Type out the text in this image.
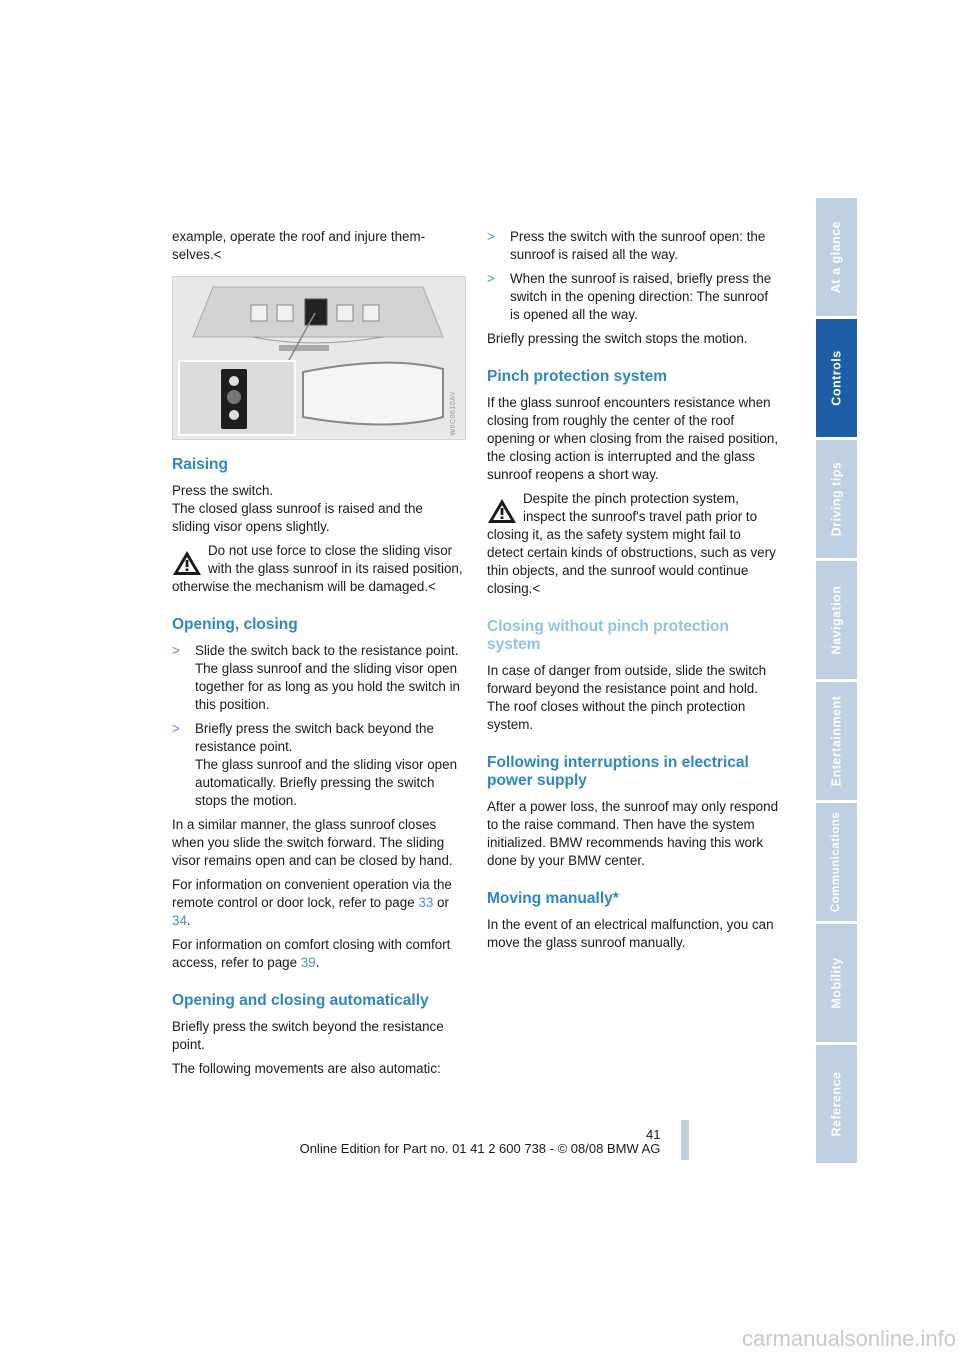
example, operate the roof and injure them-selves.<

W6C0610AV
Raising

Press the switch.

The closed glass sunroof is raised and the sliding visor opens slightly.

Do not use force to close the sliding visor with the glass sunroof in its raised position, otherwise the mechanism will be damaged.<
Opening, closing
> Slide the switch back to the resistance point.
The glass sunroof and the sliding visor open together for as long as you hold the switch in this position.
> Briefly press the switch back beyond the resistance point.
The glass sunroof and the sliding visor open automatically. Briefly pressing the switch stops the motion.

In a similar manner, the glass sunroof closes when you slide the switch forward. The sliding visor remains open and can be closed by hand.

For information on convenient operation via the remote control or door lock, refer to page 33 or 34.

For information on comfort closing with comfort access, refer to page 39.

Opening and closing automatically

Briefly press the switch beyond the resistance point.

The following movements are also automatic:

> Press the switch with the sunroof open: the sunroof is raised all the way.
> When the sunroof is raised, briefly press the switch in the opening direction: The sunroof is opened all the way.

Briefly pressing the switch stops the motion.

Pinch protection system

If the glass sunroof encounters resistance when closing from roughly the center of the roof opening or when closing from the raised position, the closing action is interrupted and the glass sunroof reopens a short way.

Despite the pinch protection system, inspect the sunroof's travel path prior to closing it, as the safety system might fail to detect certain kinds of obstructions, such as very thin objects, and the sunroof would continue closing.<
Closing without pinch protection system

In case of danger from outside, slide the switch forward beyond the resistance point and hold. The roof closes without the pinch protection system.

Following interruptions in electrical power supply

After a power loss, the sunroof may only respond to the raise command. Then have the system initialized. BMW recommends having this work done by your BMW center.

Moving manually*

In the event of an electrical malfunction, you can move the glass sunroof manually.

At a glance
Controls
Driving tips
Navigation
Entertainment
Communications
Mobility
Reference
41
Online Edition for Part no. 01 41 2 600 738 - © 08/08 BMW AG
carmanualsonline.info
